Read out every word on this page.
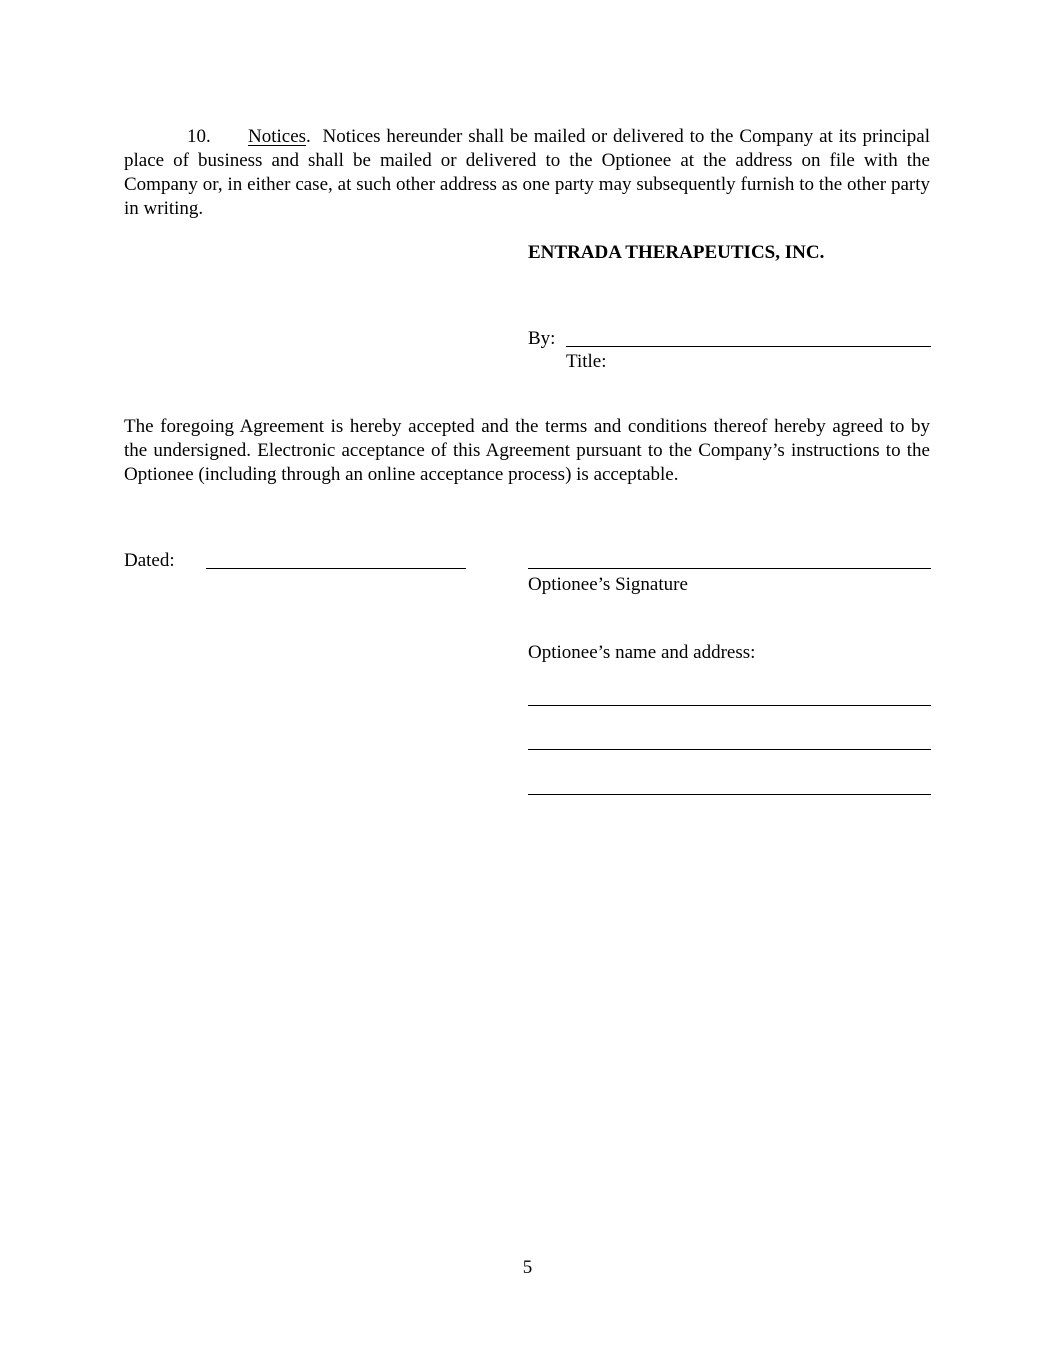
10. Notices. Notices hereunder shall be mailed or delivered to the Company at its principal place of business and shall be mailed or delivered to the Optionee at the address on file with the Company or, in either case, at such other address as one party may subsequently furnish to the other party in writing.

ENTRADA THERAPEUTICS, INC.
By:
Title:

The foregoing Agreement is hereby accepted and the terms and conditions thereof hereby agreed to by the undersigned. Electronic acceptance of this Agreement pursuant to the Company’s instructions to the Optionee (including through an online acceptance process) is acceptable.

Dated:
Optionee’s Signature
Optionee’s name and address:
5
